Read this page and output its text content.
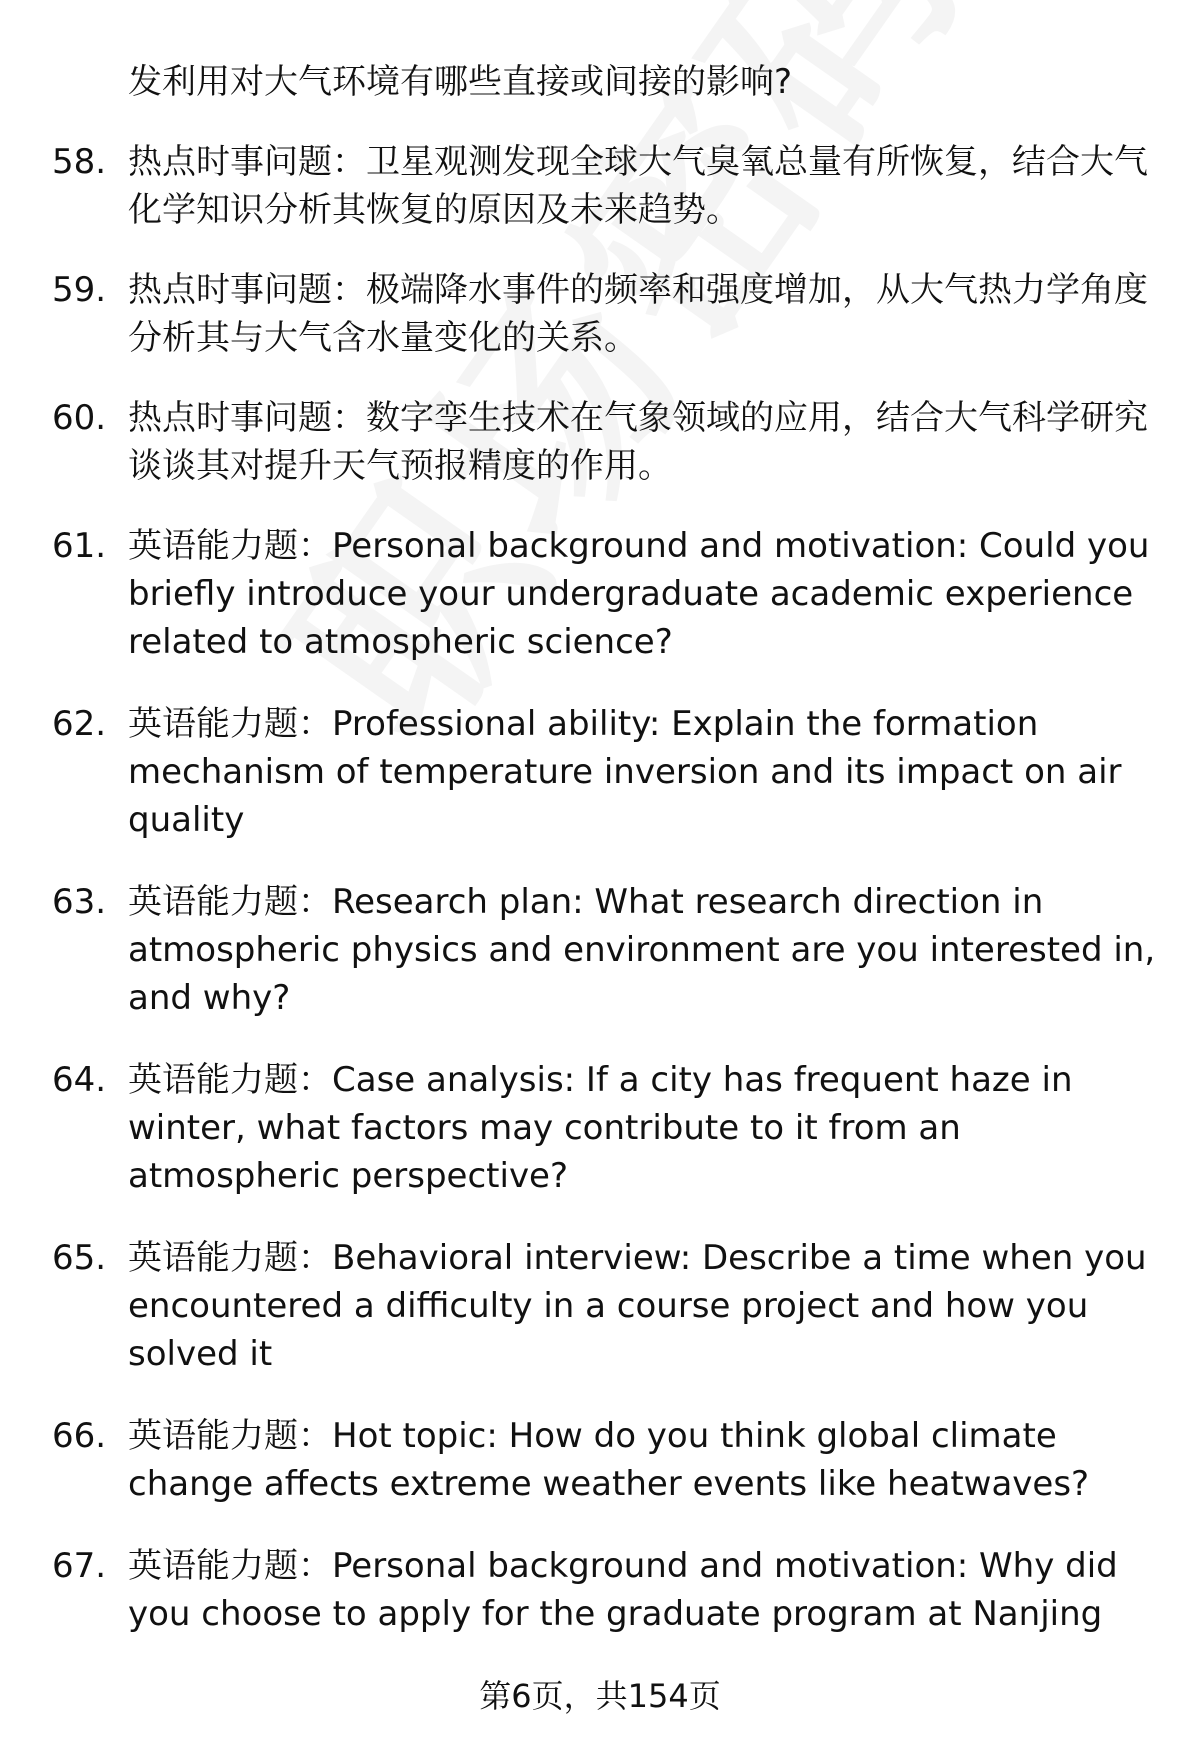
发利用对大气环境有哪些直接或间接的影响?
58. 热点时事问题：卫星观测发现全球大气臭氧总量有所恢复，结合大气化学知识分析其恢复的原因及未来趋势。
59. 热点时事问题：极端降水事件的频率和强度增加，从大气热力学角度分析其与大气含水量变化的关系。
60. 热点时事问题：数字孪生技术在气象领域的应用，结合大气科学研究谈谈其对提升天气预报精度的作用。
61. 英语能力题：Personal background and motivation: Could you briefly introduce your undergraduate academic experience related to atmospheric science?
62. 英语能力题：Professional ability: Explain the formation mechanism of temperature inversion and its impact on air quality
63. 英语能力题：Research plan: What research direction in atmospheric physics and environment are you interested in, and why?
64. 英语能力题：Case analysis: If a city has frequent haze in winter, what factors may contribute to it from an atmospheric perspective?
65. 英语能力题：Behavioral interview: Describe a time when you encountered a difficulty in a course project and how you solved it
66. 英语能力题：Hot topic: How do you think global climate change affects extreme weather events like heatwaves?
67. 英语能力题：Personal background and motivation: Why did you choose to apply for the graduate program at Nanjing
第6页，共154页
